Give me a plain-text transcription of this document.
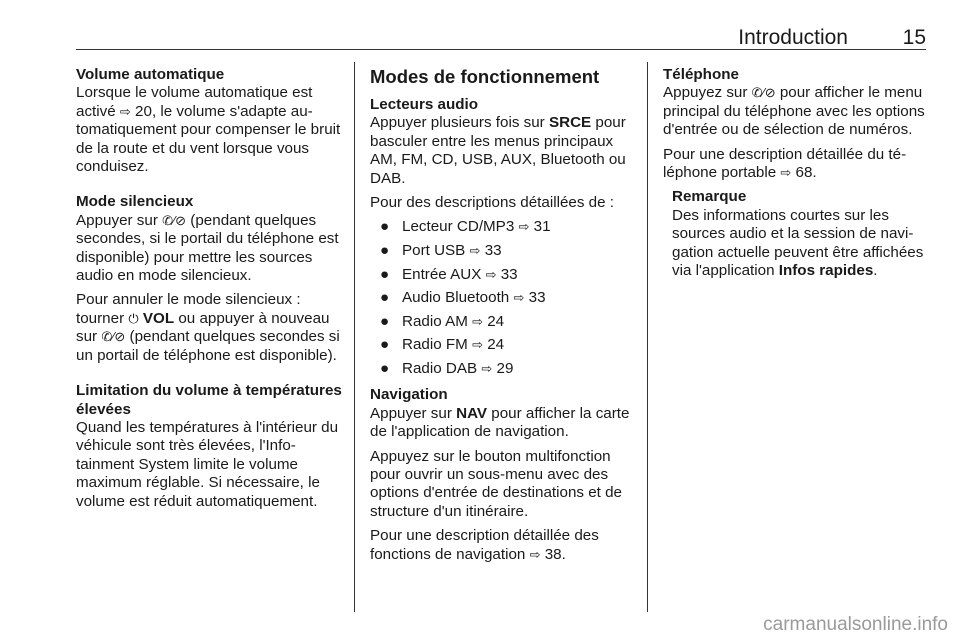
Introduction	15
Volume automatique

Lorsque le volume automatique est activé ⇨ 20, le volume s'adapte automatiquement pour compenser le bruit de la route et du vent lorsque vous conduisez.

Mode silencieux

Appuyer sur ✆⁄⊘ (pendant quelques secondes, si le portail du téléphone est disponible) pour mettre les sources audio en mode silencieux.

Pour annuler le mode silencieux : tourner ⏻ VOL ou appuyer à nouveau sur ✆⁄⊘ (pendant quelques secondes si un portail de téléphone est disponible).

Limitation du volume à températures élevées

Quand les températures à l'intérieur du véhicule sont très élevées, l'Info-tainment System limite le volume maximum réglable. Si nécessaire, le volume est réduit automatiquement.

Modes de fonctionnement
Lecteurs audio

Appuyer plusieurs fois sur SRCE pour basculer entre les menus principaux AM, FM, CD, USB, AUX, Bluetooth ou DAB.

Pour des descriptions détaillées de :

● Lecteur CD/MP3 ⇨ 31
● Port USB ⇨ 33
● Entrée AUX ⇨ 33
● Audio Bluetooth ⇨ 33
● Radio AM ⇨ 24
● Radio FM ⇨ 24
● Radio DAB ⇨ 29
Navigation

Appuyer sur NAV pour afficher la carte de l'application de navigation.

Appuyez sur le bouton multifonction pour ouvrir un sous-menu avec des options d'entrée de destinations et de structure d'un itinéraire.

Pour une description détaillée des fonctions de navigation ⇨ 38.

Téléphone

Appuyez sur ✆⁄⊘ pour afficher le menu principal du téléphone avec les options d'entrée ou de sélection de numéros.

Pour une description détaillée du téléphone portable ⇨ 68.

Remarque

Des informations courtes sur les sources audio et la session de navigation actuelle peuvent être affichées via l'application Infos rapides.

carmanualsonline.info
